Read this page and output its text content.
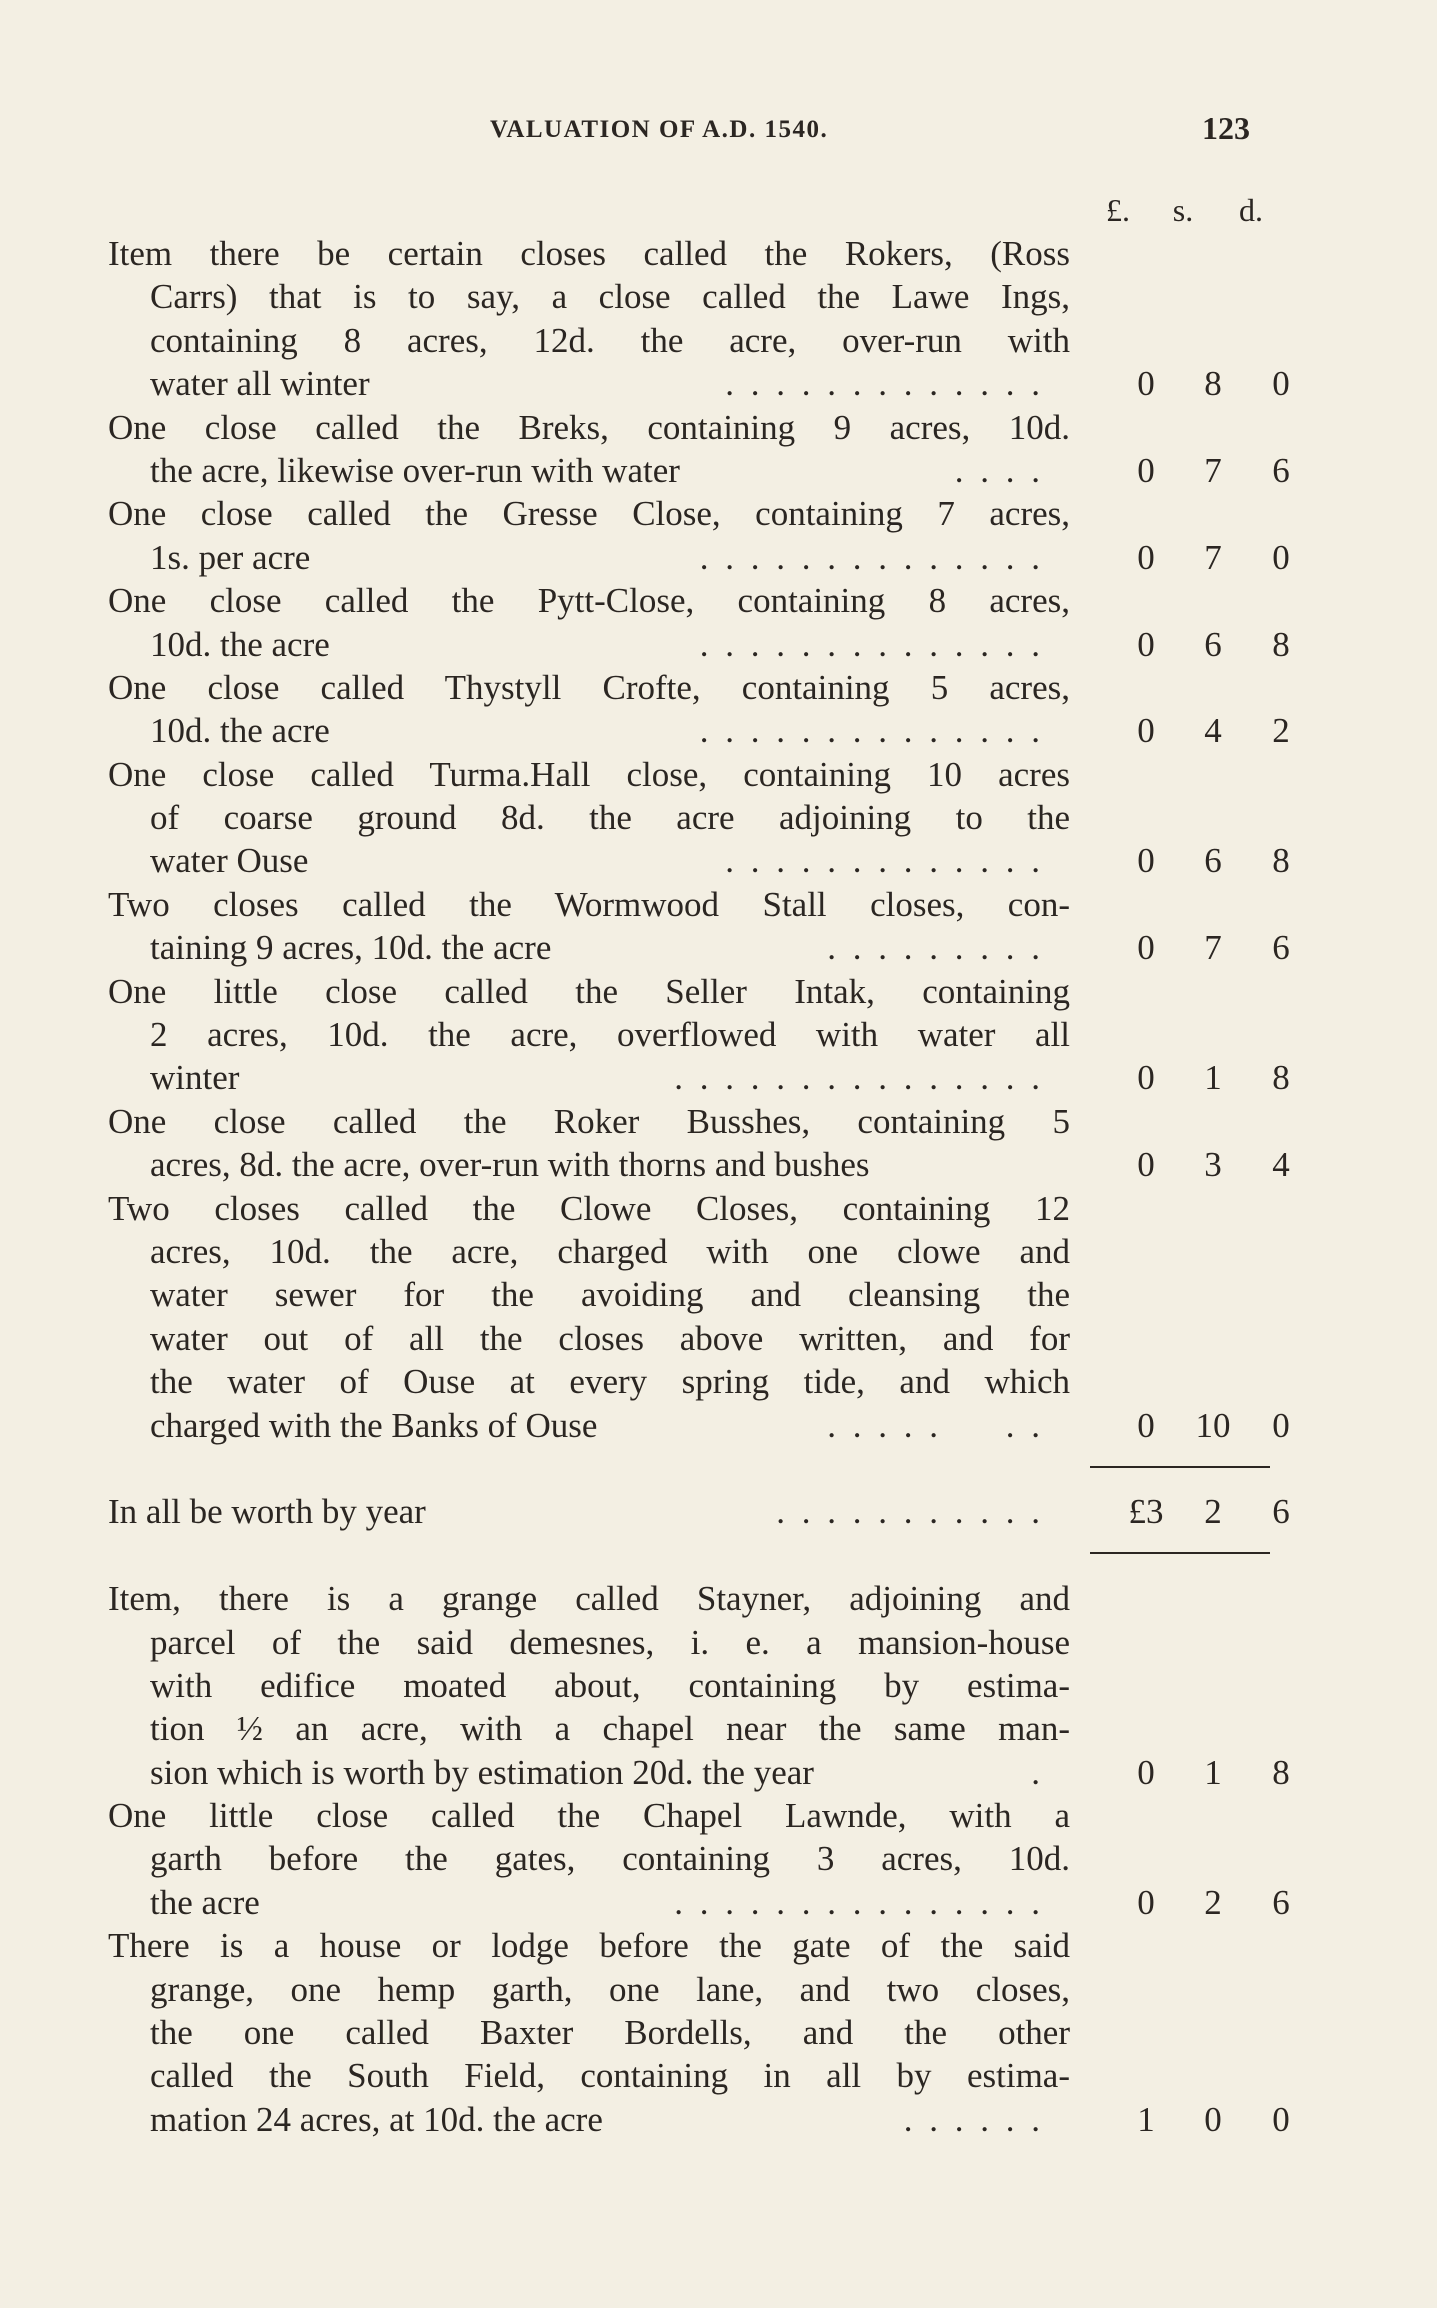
VALUATION OF A.D. 1540.	123
£.	s.	d.
Item there be certain closes called the Rokers, (Ross
Carrs) that is to say, a close called the Lawe Ings,
containing 8 acres, 12d. the acre, over-run with
water all winter	. . . . . . . . . . . . .	0	8	0
One close called the Breks, containing 9 acres, 10d.
the acre, likewise over-run with water	. . . .	0	7	6
One close called the Gresse Close, containing 7 acres,
1s. per acre	. . . . . . . . . . . . . .	0	7	0
One close called the Pytt-Close, containing 8 acres,
10d. the acre	. . . . . . . . . . . . . .	0	6	8
One close called Thystyll Crofte, containing 5 acres,
10d. the acre	. . . . . . . . . . . . . .	0	4	2
One close called Turma.Hall close, containing 10 acres
of coarse ground 8d. the acre adjoining to the
water Ouse	. . . . . . . . . . . . .	0	6	8
Two closes called the Wormwood Stall closes, con-
taining 9 acres, 10d. the acre	. . . . . . . . .	0	7	6
One little close called the Seller Intak, containing
2 acres, 10d. the acre, overflowed with water all
winter	. . . . . . . . . . . . . . .	0	1	8
One close called the Roker Busshes, containing 5
acres, 8d. the acre, over-run with thorns and bushes	0	3	4
Two closes called the Clowe Closes, containing 12
acres, 10d. the acre, charged with one clowe and
water sewer for the avoiding and cleansing the
water out of all the closes above written, and for
the water of Ouse at every spring tide, and which
charged with the Banks of Ouse	. . . . .     . .	0	10	0
In all be worth by year	. . . . . . . . . . .	£3	2	6
Item, there is a grange called Stayner, adjoining and
parcel of the said demesnes, i. e. a mansion-house
with edifice moated about, containing by estima-
tion ½ an acre, with a chapel near the same man-
sion which is worth by estimation 20d. the year	.	0	1	8
One little close called the Chapel Lawnde, with a
garth before the gates, containing 3 acres, 10d.
the acre	. . . . . . . . . . . . . . .	0	2	6
There is a house or lodge before the gate of the said
grange, one hemp garth, one lane, and two closes,
the one called Baxter Bordells, and the other
called the South Field, containing in all by estima-
mation 24 acres, at 10d. the acre	. . . . . .	1	0	0
